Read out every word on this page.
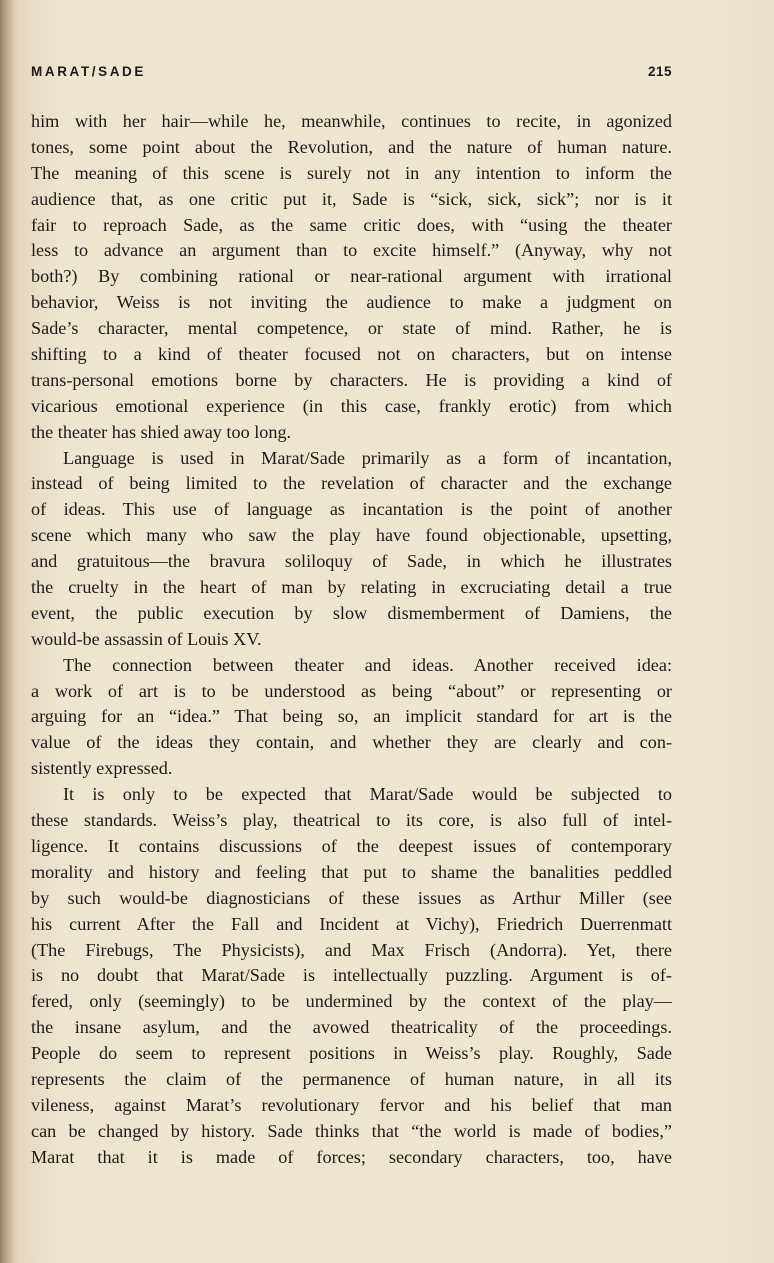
MARAT/SADE	215
him with her hair—while he, meanwhile, continues to recite, in agonized
tones, some point about the Revolution, and the nature of human nature.
The meaning of this scene is surely not in any intention to inform the
audience that, as one critic put it, Sade is “sick, sick, sick”; nor is it
fair to reproach Sade, as the same critic does, with “using the theater
less to advance an argument than to excite himself.” (Anyway, why not
both?) By combining rational or near-rational argument with irrational
behavior, Weiss is not inviting the audience to make a judgment on
Sade’s character, mental competence, or state of mind. Rather, he is
shifting to a kind of theater focused not on characters, but on intense
trans-personal emotions borne by characters. He is providing a kind of
vicarious emotional experience (in this case, frankly erotic) from which
the theater has shied away too long.
Language is used in Marat/Sade primarily as a form of incantation,
instead of being limited to the revelation of character and the exchange
of ideas. This use of language as incantation is the point of another
scene which many who saw the play have found objectionable, upsetting,
and gratuitous—the bravura soliloquy of Sade, in which he illustrates
the cruelty in the heart of man by relating in excruciating detail a true
event, the public execution by slow dismemberment of Damiens, the
would-be assassin of Louis XV.
The connection between theater and ideas. Another received idea:
a work of art is to be understood as being “about” or representing or
arguing for an “idea.” That being so, an implicit standard for art is the
value of the ideas they contain, and whether they are clearly and con-
sistently expressed.
It is only to be expected that Marat/Sade would be subjected to
these standards. Weiss’s play, theatrical to its core, is also full of intel-
ligence. It contains discussions of the deepest issues of contemporary
morality and history and feeling that put to shame the banalities peddled
by such would-be diagnosticians of these issues as Arthur Miller (see
his current After the Fall and Incident at Vichy), Friedrich Duerrenmatt
(The Firebugs, The Physicists), and Max Frisch (Andorra). Yet, there
is no doubt that Marat/Sade is intellectually puzzling. Argument is of-
fered, only (seemingly) to be undermined by the context of the play—
the insane asylum, and the avowed theatricality of the proceedings.
People do seem to represent positions in Weiss’s play. Roughly, Sade
represents the claim of the permanence of human nature, in all its
vileness, against Marat’s revolutionary fervor and his belief that man
can be changed by history. Sade thinks that “the world is made of bodies,”
Marat that it is made of forces; secondary characters, too, have
